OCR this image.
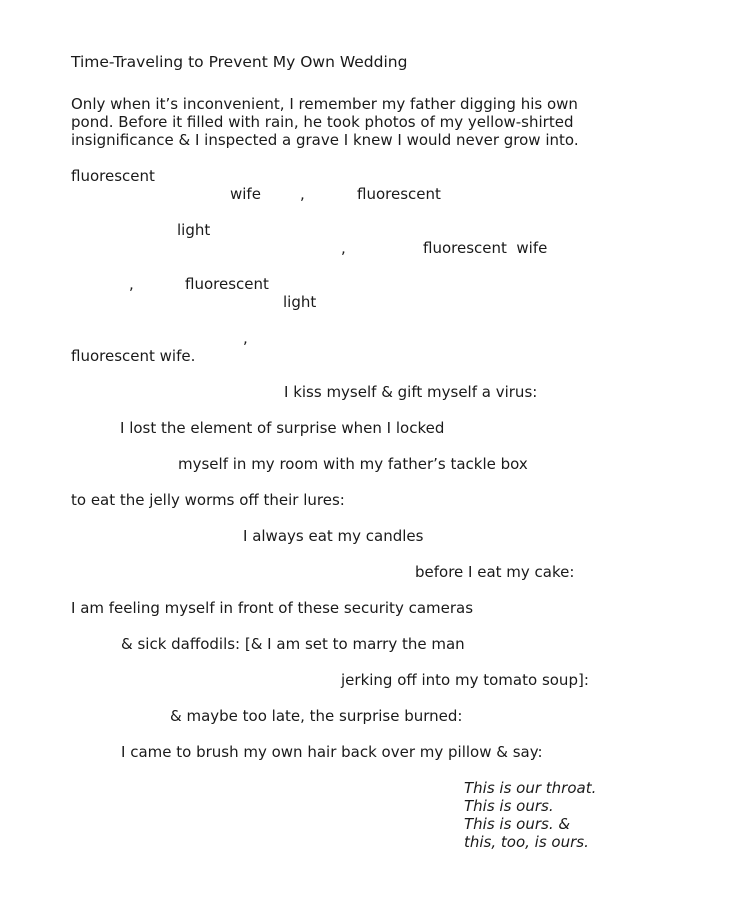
Time-Traveling to Prevent My Own Wedding
Only when it’s inconvenient, I remember my father digging his own
pond. Before it filled with rain, he took photos of my yellow-shirted
insignificance & I inspected a grave I knew I would never grow into.
fluorescent
wife	,	fluorescent
light
,	fluorescent  wife
,	fluorescent
light
,
fluorescent wife.
I kiss myself & gift myself a virus:
I lost the element of surprise when I locked
myself in my room with my father’s tackle box
to eat the jelly worms off their lures:
I always eat my candles
before I eat my cake:
I am feeling myself in front of these security cameras
& sick daffodils: [& I am set to marry the man
jerking off into my tomato soup]:
& maybe too late, the surprise burned:
I came to brush my own hair back over my pillow & say:
This is our throat.
This is ours.
This is ours. &
this, too, is ours.
